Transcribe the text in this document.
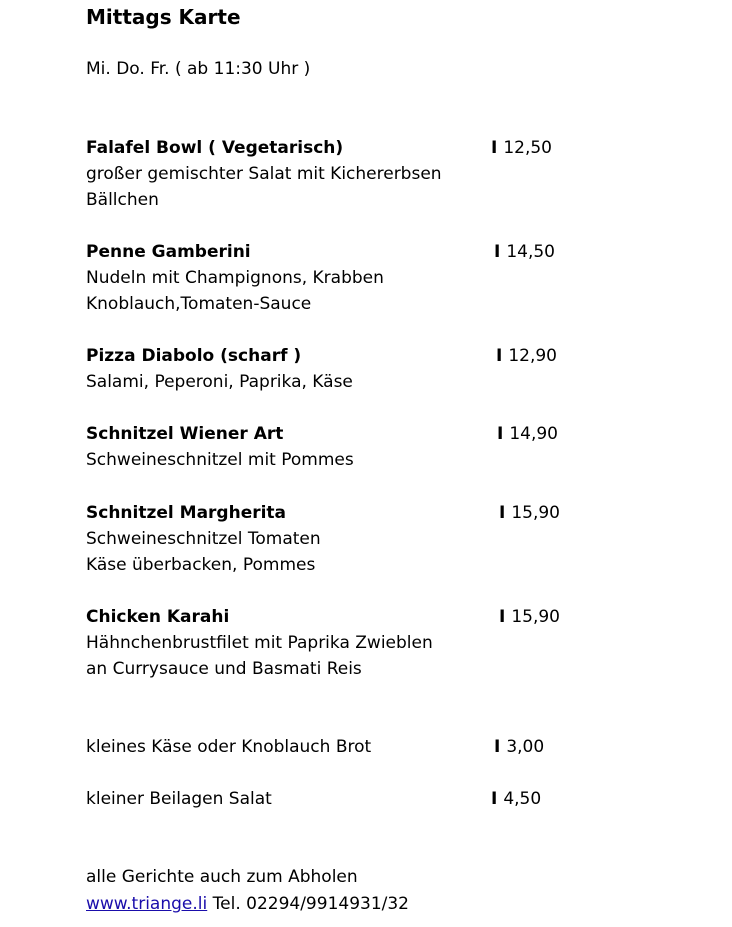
Mittags Karte
Mi. Do. Fr. ( ab 11:30 Uhr )
Falafel Bowl ( Vegetarisch)	I 12,50
großer gemischter Salat mit Kichererbsen
Bällchen
Penne Gamberini	I 14,50
Nudeln mit Champignons, Krabben
Knoblauch,Tomaten-Sauce
Pizza Diabolo (scharf )	I 12,90
Salami, Peperoni, Paprika, Käse
Schnitzel Wiener Art	I 14,90
Schweineschnitzel mit Pommes
Schnitzel Margherita	I 15,90
Schweineschnitzel Tomaten
Käse überbacken, Pommes
Chicken Karahi	I 15,90
Hähnchenbrustfilet mit Paprika Zwieblen
an Currysauce und Basmati Reis
kleines Käse oder Knoblauch Brot	I 3,00
kleiner Beilagen Salat	I 4,50
alle Gerichte auch zum Abholen
www.triange.li Tel. 02294/9914931/32
